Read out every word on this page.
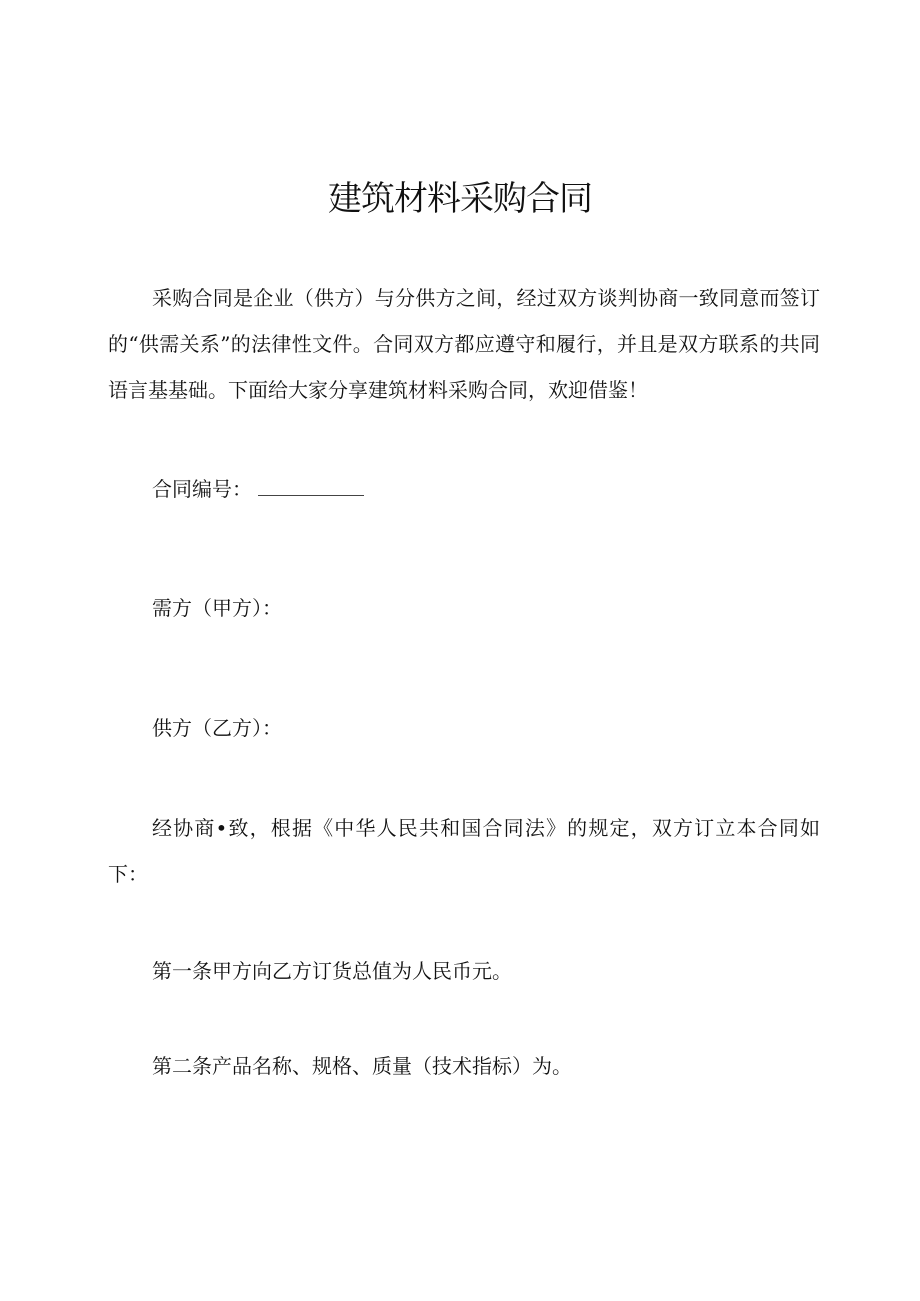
建筑材料采购合同
采购合同是企业（供方）与分供方之间，经过双方谈判协商一致同意而签订的“供需关系”的法律性文件。合同双方都应遵守和履行，并且是双方联系的共同语言基基础。下面给大家分享建筑材料采购合同，欢迎借鉴！
合同编号：
需方（甲方）：
供方（乙方）：
经协商•致，根据《中华人民共和国合同法》的规定，双方订立本合同如下：
第一条甲方向乙方订货总值为人民币元。
第二条产品名称、规格、质量（技术指标）为。
